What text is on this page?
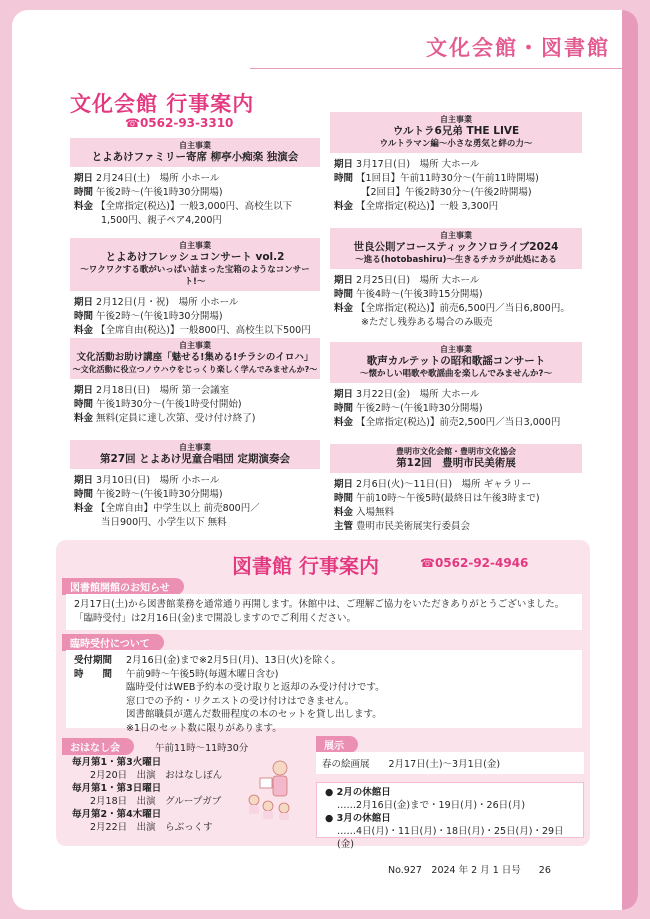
文化会館・図書館
文化会館 行事案内
☎0562-93-3310
自主事業
とよあけファミリー寄席 柳亭小痴楽 独演会
期日 2月24日(土)　場所 小ホール
時間 午後2時〜(午後1時30分開場)
料金 【全席指定(税込)】一般3,000円、高校生以下
1,500円、親子ペア4,200円
自主事業
とよあけフレッシュコンサート vol.2
〜ワクワクする歌がいっぱい詰まった宝箱のようなコンサート!〜
期日 2月12日(月・祝)　場所 小ホール
時間 午後2時〜(午後1時30分開場)
料金 【全席自由(税込)】一般800円、高校生以下500円
自主事業
文化活動お助け講座「魅せる!集める!チラシのイロハ」
〜文化活動に役立つノウハウをじっくり楽しく学んでみませんか?〜
期日 2月18日(日)　場所 第一会議室
時間 午後1時30分〜(午後1時受付開始)
料金 無料(定員に達し次第、受け付け終了)
自主事業
第27回 とよあけ児童合唱団 定期演奏会
期日 3月10日(日)　場所 小ホール
時間 午後2時〜(午後1時30分開場)
料金 【全席自由】中学生以上 前売800円／
当日900円、小学生以下 無料
自主事業
ウルトラ6兄弟 THE LIVE
ウルトラマン編〜小さな勇気と絆の力〜
期日 3月17日(日)　場所 大ホール
時間 【1回目】午前11時30分〜(午前11時開場)
【2回目】午後2時30分〜(午後2時開場)
料金 【全席指定(税込)】一般 3,300円
自主事業
世良公則アコースティックソロライブ2024
〜進る(hotobashiru)〜生きるチカラが此処にある
期日 2月25日(日)　場所 大ホール
時間 午後4時〜(午後3時15分開場)
料金 【全席指定(税込)】前売6,500円／当日6,800円。
※ただし残券ある場合のみ販売
自主事業
歌声カルテットの昭和歌謡コンサート
〜懐かしい唱歌や歌謡曲を楽しんでみませんか?〜
期日 3月22日(金)　場所 大ホール
時間 午後2時〜(午後1時30分開場)
料金 【全席指定(税込)】前売2,500円／当日3,000円
豊明市文化会館・豊明市文化協会
第12回　豊明市民美術展
期日 2月6日(火)〜11日(日)　場所 ギャラリー
時間 午前10時〜午後5時(最終日は午後3時まで)
料金 入場無料
主管 豊明市民美術展実行委員会
図書館 行事案内	☎0562-92-4946
図書館開館のお知らせ
2月17日(土)から図書館業務を通常通り再開します。休館中は、ご理解ご協力をいただきありがとうございました。
「臨時受付」は2月16日(金)まで開設しますのでご利用ください。
臨時受付について
受付期間	2月16日(金)まで※2月5日(月)、13日(火)を除く。
時　　間	午前9時〜午後5時(毎週木曜日含む)
臨時受付はWEB予約本の受け取りと返却のみ受け付けです。
窓口での予約・リクエストの受け付けはできません。
図書館職員が選んだ数冊程度の本のセットを貸し出します。
※1日のセット数に限りがあります。
おはなし会	午前11時〜11時30分
毎月第1・第3火曜日
2月20日　出演　おはなしぽん
毎月第1・第3日曜日
2月18日　出演　グループガブ
毎月第2・第4木曜日
2月22日　出演　らぶっくす
展示
春の絵画展　　2月17日(土)〜3月1日(金)
● 2月の休館日
……2月16日(金)まで・19日(月)・26日(月)
● 3月の休館日
……4日(月)・11日(月)・18日(月)・25日(月)・29日(金)
No.927　2024 年 2 月 1 日号 26
